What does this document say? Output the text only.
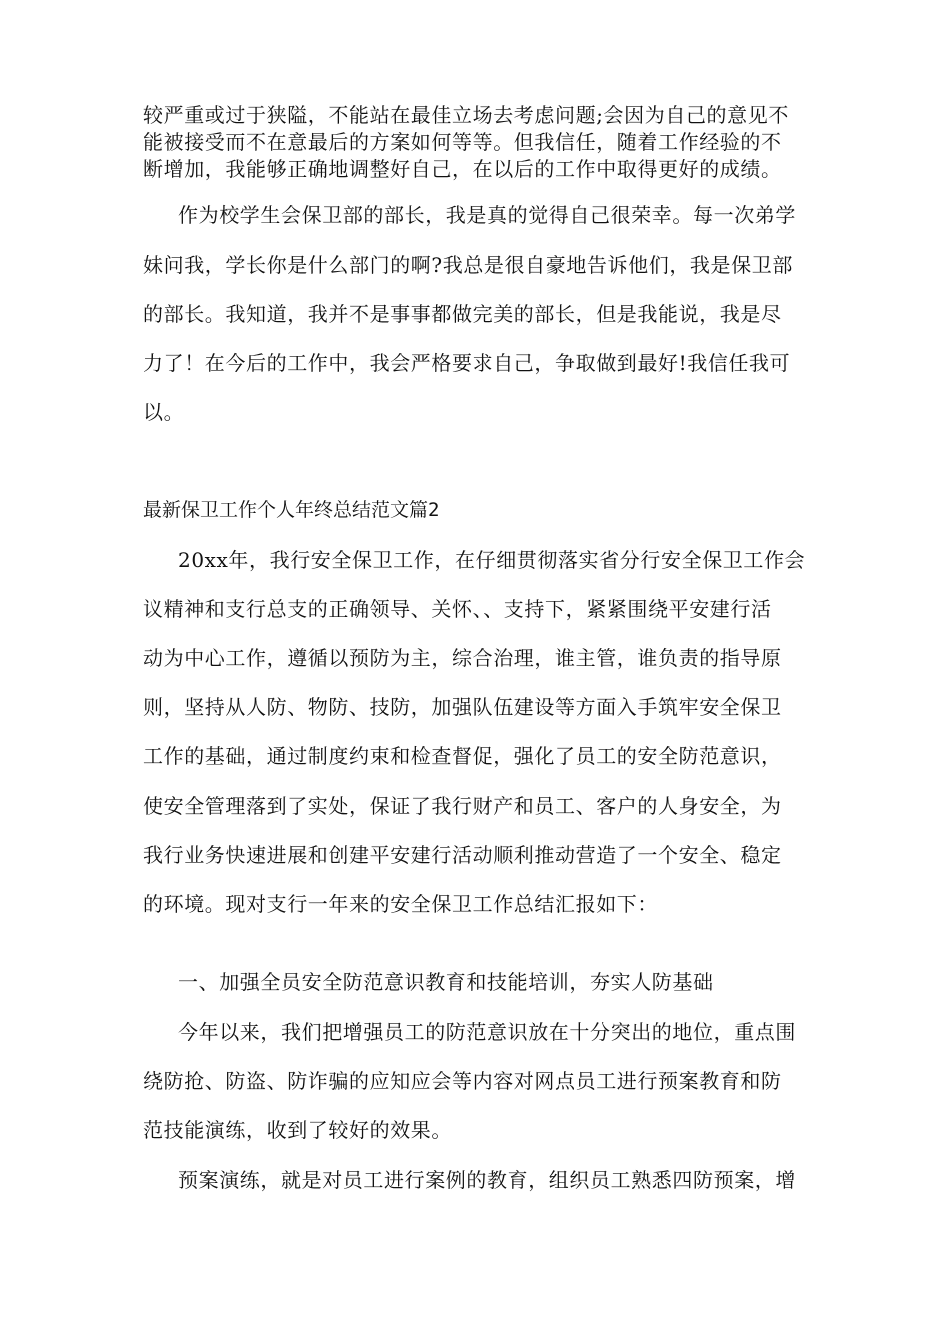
较严重或过于狭隘，不能站在最佳立场去考虑问题;会因为自己的意见不
能被接受而不在意最后的方案如何等等。但我信任，随着工作经验的不
断增加，我能够正确地调整好自己，在以后的工作中取得更好的成绩。
作为校学生会保卫部的部长，我是真的觉得自己很荣幸。每一次弟学
妹问我，学长你是什么部门的啊?我总是很自豪地告诉他们，我是保卫部
的部长。我知道，我并不是事事都做完美的部长，但是我能说，我是尽
力了！在今后的工作中，我会严格要求自己，争取做到最好!我信任我可
以。
最新保卫工作个人年终总结范文篇2
20xx年，我行安全保卫工作，在仔细贯彻落实省分行安全保卫工作会
议精神和支行总支的正确领导、关怀、、支持下，紧紧围绕平安建行活
动为中心工作，遵循以预防为主，综合治理，谁主管，谁负责的指导原
则，坚持从人防、物防、技防，加强队伍建设等方面入手筑牢安全保卫
工作的基础，通过制度约束和检查督促，强化了员工的安全防范意识，
使安全管理落到了实处，保证了我行财产和员工、客户的人身安全，为
我行业务快速进展和创建平安建行活动顺利推动营造了一个安全、稳定
的环境。现对支行一年来的安全保卫工作总结汇报如下：
一、加强全员安全防范意识教育和技能培训，夯实人防基础
今年以来，我们把增强员工的防范意识放在十分突出的地位，重点围
绕防抢、防盗、防诈骗的应知应会等内容对网点员工进行预案教育和防
范技能演练，收到了较好的效果。
预案演练，就是对员工进行案例的教育，组织员工熟悉四防预案，增
